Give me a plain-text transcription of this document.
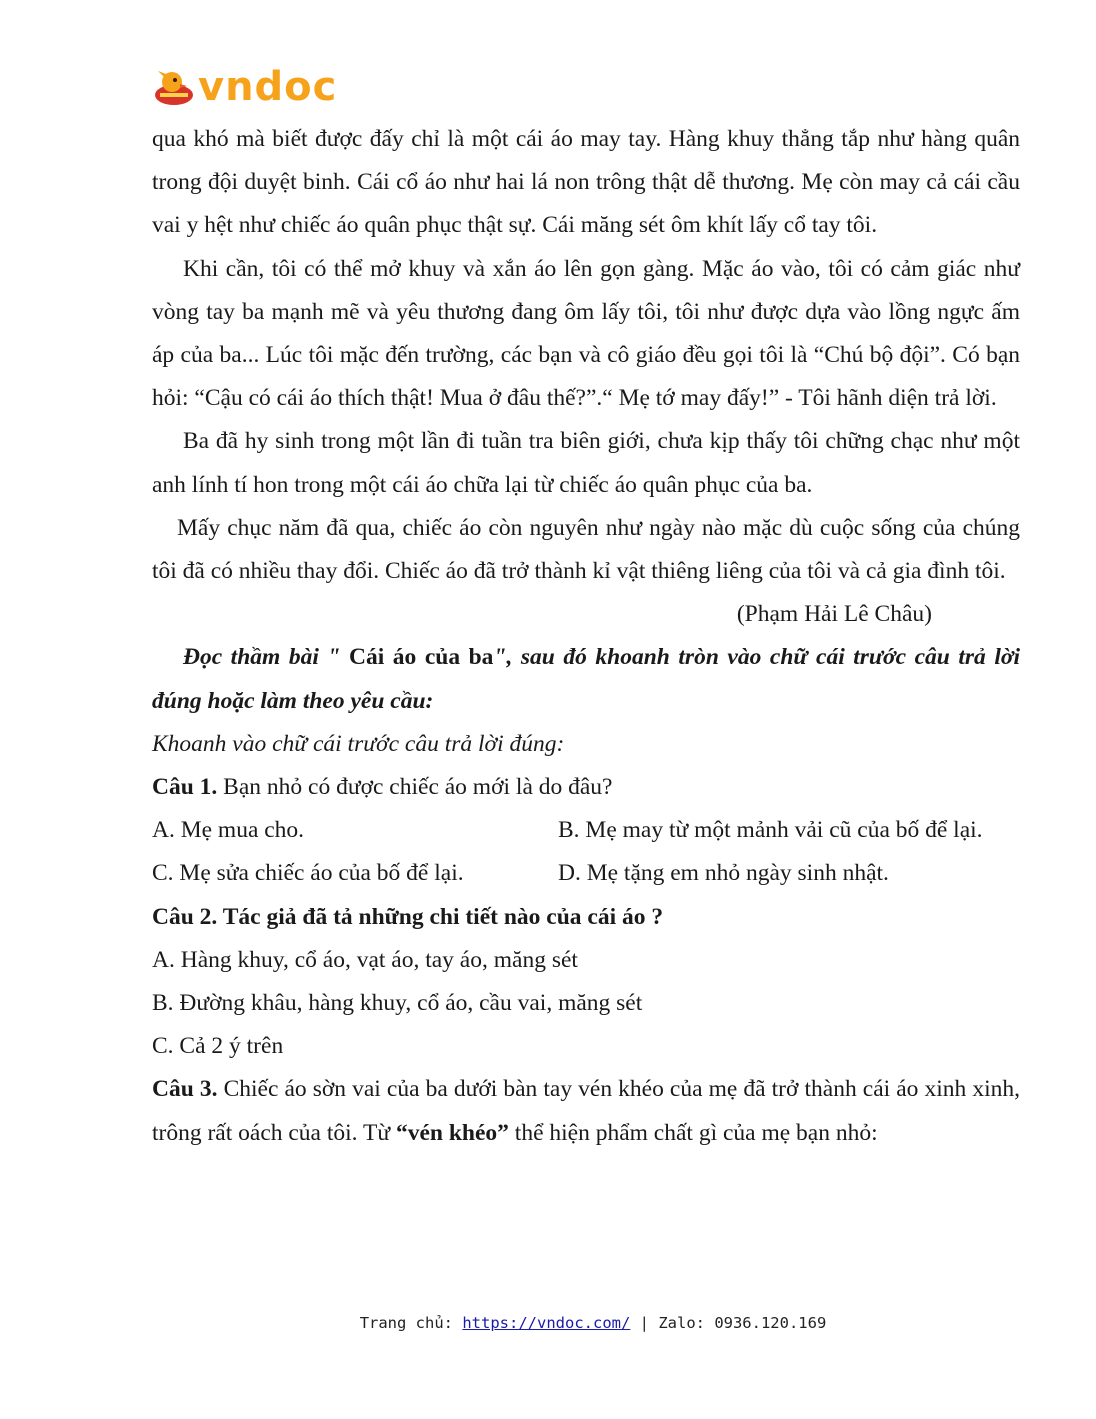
vndoc

qua khó mà biết được đấy chỉ là một cái áo may tay. Hàng khuy thẳng tắp như hàng quân trong đội duyệt binh. Cái cổ áo như hai lá non trông thật dễ thương. Mẹ còn may cả cái cầu vai y hệt như chiếc áo quân phục thật sự. Cái măng sét ôm khít lấy cổ tay tôi.

Khi cần, tôi có thể mở khuy và xắn áo lên gọn gàng. Mặc áo vào, tôi có cảm giác như vòng tay ba mạnh mẽ và yêu thương đang ôm lấy tôi, tôi như được dựa vào lồng ngực ấm áp của ba... Lúc tôi mặc đến trường, các bạn và cô giáo đều gọi tôi là “Chú bộ đội”. Có bạn hỏi: “Cậu có cái áo thích thật! Mua ở đâu thế?”.“ Mẹ tớ may đấy!” - Tôi hãnh diện trả lời.

Ba đã hy sinh trong một lần đi tuần tra biên giới, chưa kịp thấy tôi chững chạc như một anh lính tí hon trong một cái áo chữa lại từ chiếc áo quân phục của ba.

Mấy chục năm đã qua, chiếc áo còn nguyên như ngày nào mặc dù cuộc sống của chúng tôi đã có nhiều thay đổi. Chiếc áo đã trở thành kỉ vật thiêng liêng của tôi và cả gia đình tôi.

(Phạm Hải Lê Châu)

Đọc thầm bài " Cái áo của ba", sau đó khoanh tròn vào chữ cái trước câu trả lời đúng hoặc làm theo yêu cầu:

Khoanh vào chữ cái trước câu trả lời đúng:

Câu 1. Bạn nhỏ có được chiếc áo mới là do đâu?

A. Mẹ mua cho.	B. Mẹ may từ một mảnh vải cũ của bố để lại.
C. Mẹ sửa chiếc áo của bố để lại.	D. Mẹ tặng em nhỏ ngày sinh nhật.

Câu 2. Tác giả đã tả những chi tiết nào của cái áo ?

A. Hàng khuy, cổ áo, vạt áo, tay áo, măng sét

B. Đường khâu, hàng khuy, cổ áo, cầu vai, măng sét

C. Cả 2 ý trên

Câu 3. Chiếc áo sờn vai của ba dưới bàn tay vén khéo của mẹ đã trở thành cái áo xinh xinh, trông rất oách của tôi. Từ “vén khéo” thể hiện phẩm chất gì của mẹ bạn nhỏ:

Trang chủ: https://vndoc.com/ | Zalo: 0936.120.169
